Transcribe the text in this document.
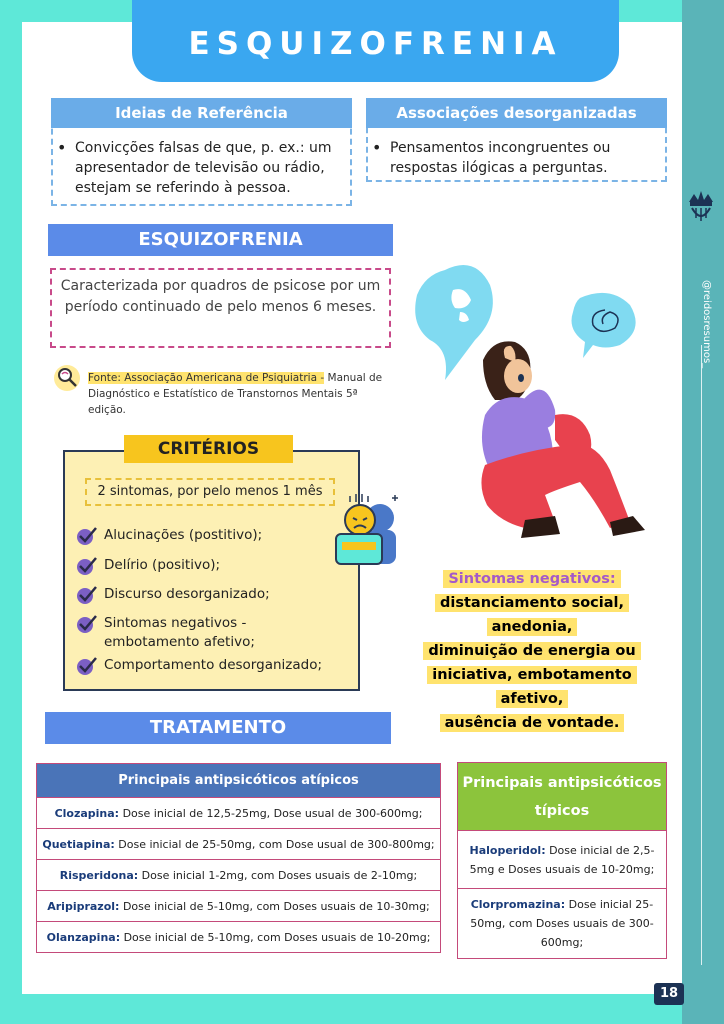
@reidosresumos_
ESQUIZOFRENIA
Ideias de Referência
• Convicções falsas de que, p. ex.: um apresentador de televisão ou rádio, estejam se referindo à pessoa.
Associações desorganizadas
• Pensamentos incongruentes ou respostas ilógicas a perguntas.
ESQUIZOFRENIA
Caracterizada por quadros de psicose por um período continuado de pelo menos 6 meses.
Fonte: Associação Americana de Psiquiatria - Manual de Diagnóstico e Estatístico de Transtornos Mentais 5ª edição.
CRITÉRIOS
2 sintomas, por pelo menos 1 mês
Alucinações (postitivo);
Delírio (positivo);
Discurso desorganizado;
Sintomas negativos - embotamento afetivo;
Comportamento desorganizado;
Sintomas negativos:
distanciamento social, anedonia,
diminuição de energia ou
iniciativa, embotamento afetivo,
ausência de vontade.
TRATAMENTO
Principais antipsicóticos atípicos
Clozapina: Dose inicial de 12,5-25mg, Dose usual de 300-600mg;
Quetiapina: Dose inicial de 25-50mg, com Dose usual de 300-800mg;
Risperidona: Dose inicial 1-2mg, com Doses usuais de 2-10mg;
Aripiprazol: Dose inicial de 5-10mg, com Doses usuais de 10-30mg;
Olanzapina: Dose inicial de 5-10mg, com Doses usuais de 10-20mg;
Principais antipsicóticos típicos
Haloperidol: Dose inicial de 2,5-5mg e Doses usuais de 10-20mg;
Clorpromazina: Dose inicial 25-50mg, com Doses usuais de 300-600mg;
18
